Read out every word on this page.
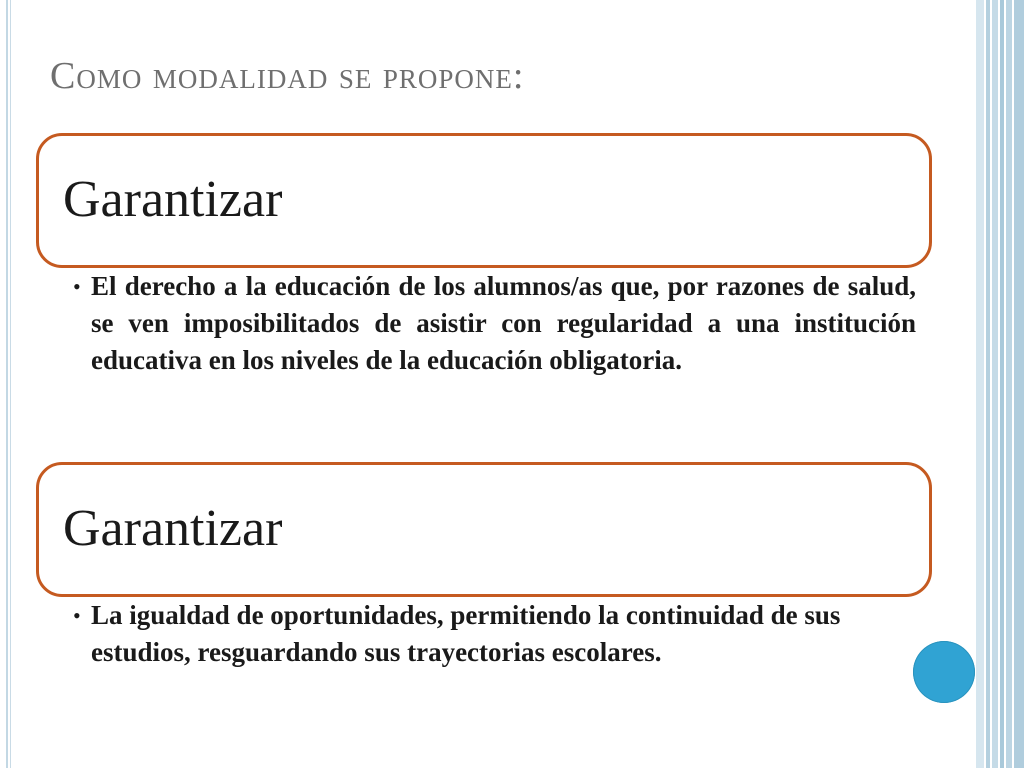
Como modalidad se propone:
Garantizar
• El derecho a la educación de los alumnos/as que, por razones de salud, se ven imposibilitados de asistir con regularidad a una institución educativa en los niveles de la educación obligatoria.
Garantizar
• La igualdad de oportunidades, permitiendo la continuidad de sus estudios, resguardando sus trayectorias escolares.
